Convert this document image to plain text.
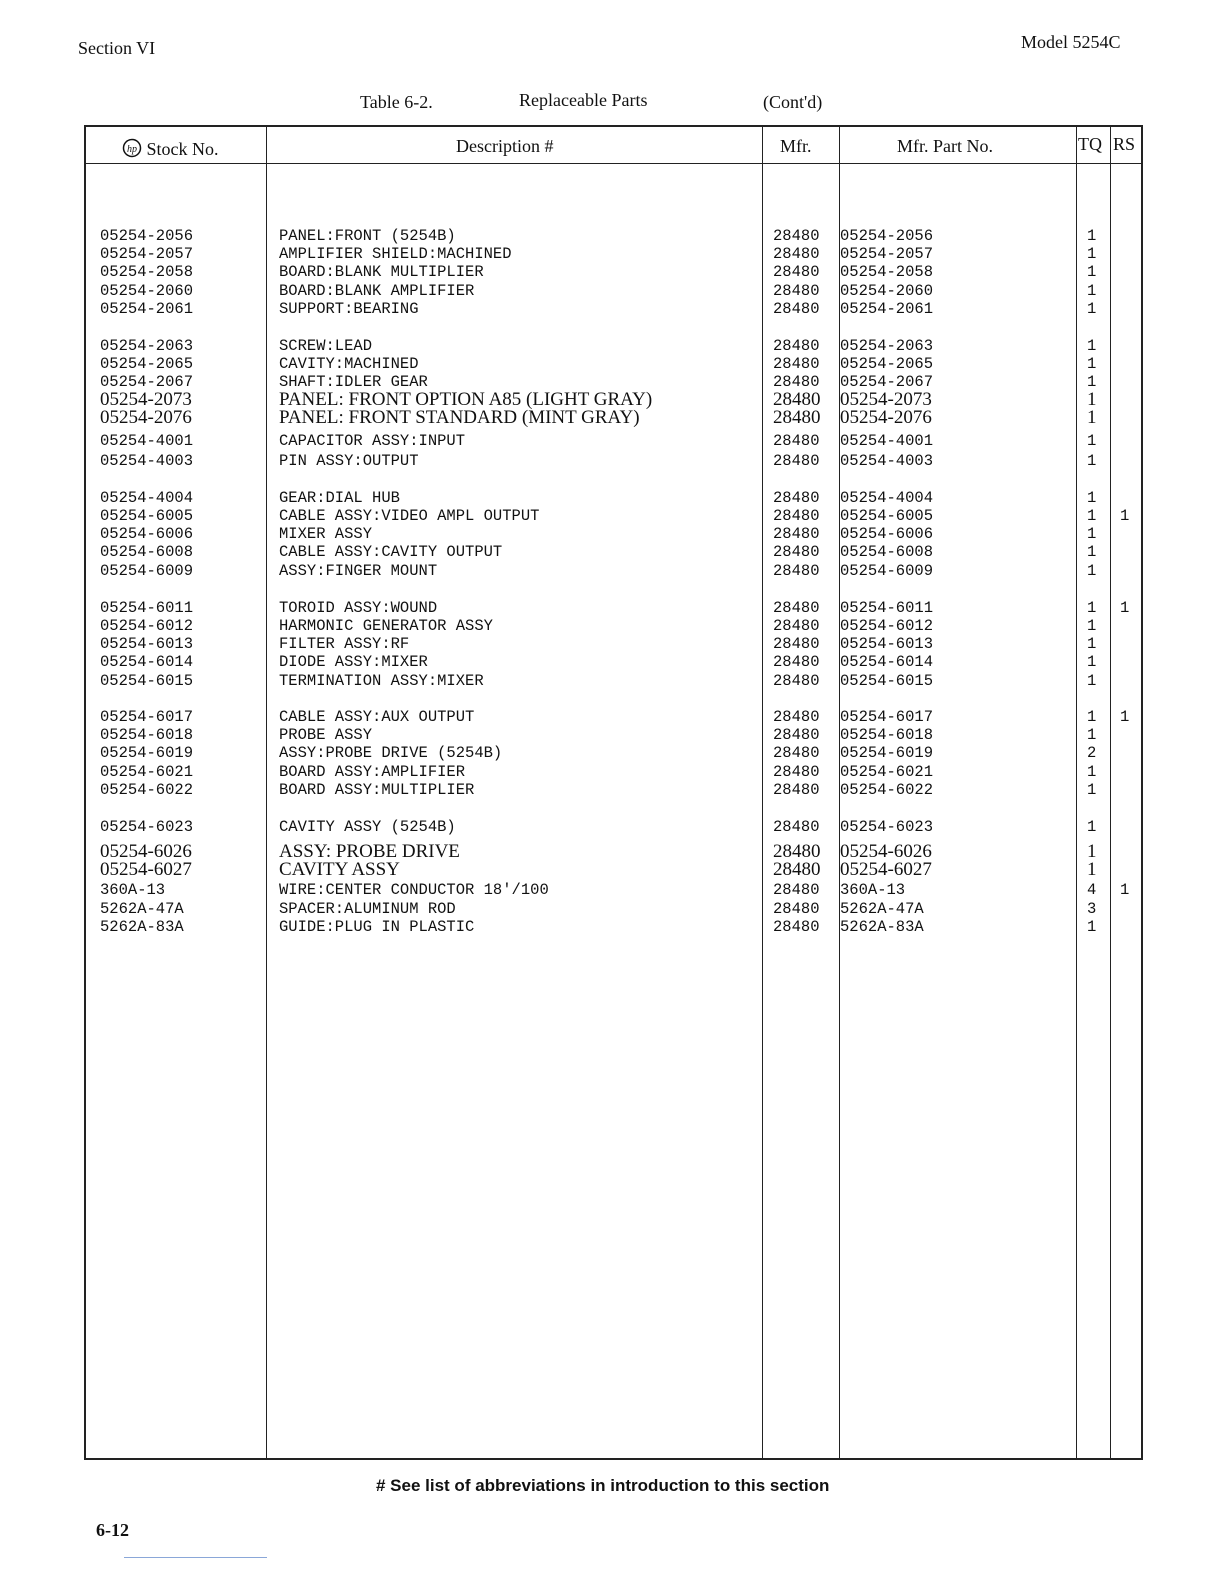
Section VI	Model 5254C
Table 6-2.	Replaceable Parts	(Cont'd)
hp Stock No.	Description #	Mfr.	Mfr. Part No.	TQ RS
05254-2056	PANEL:FRONT (5254B)	28480 05254-2056	1
05254-2057	AMPLIFIER SHIELD:MACHINED	28480 05254-2057	1
05254-2058	BOARD:BLANK MULTIPLIER	28480 05254-2058	1
05254-2060	BOARD:BLANK AMPLIFIER	28480 05254-2060	1
05254-2061	SUPPORT:BEARING	28480 05254-2061	1
05254-2063	SCREW:LEAD	28480 05254-2063	1
05254-2065	CAVITY:MACHINED	28480 05254-2065	1
05254-2067	SHAFT:IDLER GEAR	28480 05254-2067	1
05254-2073	PANEL: FRONT OPTION A85 (LIGHT GRAY)	28480 05254-2073	1
05254-2076	PANEL: FRONT STANDARD (MINT GRAY)	28480 05254-2076	1
05254-4001	CAPACITOR ASSY:INPUT	28480 05254-4001	1
05254-4003	PIN ASSY:OUTPUT	28480 05254-4003	1
05254-4004	GEAR:DIAL HUB	28480 05254-4004	1
05254-6005	CABLE ASSY:VIDEO AMPL OUTPUT	28480 05254-6005	1 1
05254-6006	MIXER ASSY	28480 05254-6006	1
05254-6008	CABLE ASSY:CAVITY OUTPUT	28480 05254-6008	1
05254-6009	ASSY:FINGER MOUNT	28480 05254-6009	1
05254-6011	TOROID ASSY:WOUND	28480 05254-6011	1 1
05254-6012	HARMONIC GENERATOR ASSY	28480 05254-6012	1
05254-6013	FILTER ASSY:RF	28480 05254-6013	1
05254-6014	DIODE ASSY:MIXER	28480 05254-6014	1
05254-6015	TERMINATION ASSY:MIXER	28480 05254-6015	1
05254-6017	CABLE ASSY:AUX OUTPUT	28480 05254-6017	1 1
05254-6018	PROBE ASSY	28480 05254-6018	1
05254-6019	ASSY:PROBE DRIVE (5254B)	28480 05254-6019	2
05254-6021	BOARD ASSY:AMPLIFIER	28480 05254-6021	1
05254-6022	BOARD ASSY:MULTIPLIER	28480 05254-6022	1
05254-6023	CAVITY ASSY (5254B)	28480 05254-6023	1
05254-6026	ASSY: PROBE DRIVE	28480 05254-6026	1
05254-6027	CAVITY ASSY	28480 05254-6027	1
360A-13	WIRE:CENTER CONDUCTOR 18'/100	28480 360A-13	4 1
5262A-47A	SPACER:ALUMINUM ROD	28480 5262A-47A	3
5262A-83A	GUIDE:PLUG IN PLASTIC	28480 5262A-83A	1
# See list of abbreviations in introduction to this section
6-12
